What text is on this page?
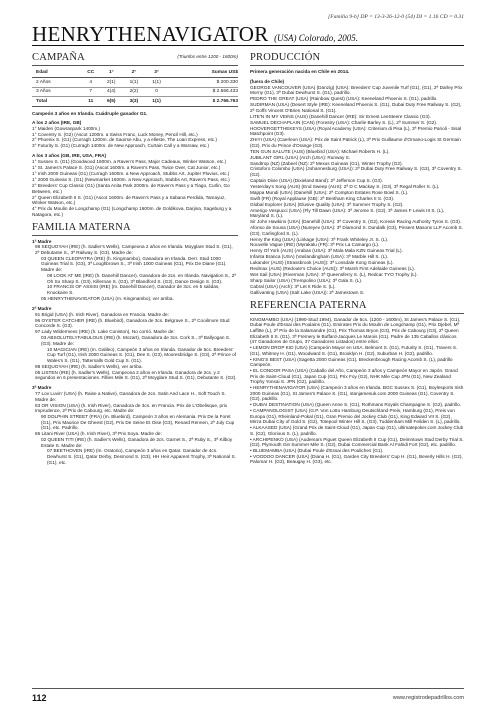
[Familia 9-b] DP = 13-3-26-12-0 (54) DI = 1.16 CD = 0.31
HENRYTHENAVIGATOR (USA) Colorado, 2005.
CAMPAÑA	(Triunfos entre 1200 - 1600m)
Edad	CC	1°	2°	3°	Sumas US$
2 Años	4	2(1)	1(1)	1(1)	$ 200.330
3 Años	7	4(4)	2(2)	0	$ 2.566.433
Total	11	6(5)	3(3)	1(1)	$ 2.766.763

Campeón 3 años en Irlanda. Cuádruple ganador G1.

A los 2 años (IRE, GB)

1° Maiden (Gowranpark 1400m.)

1° Coventry S. (G2) (Ascot 1200m. a Swiss Franc, Luck Money, Pencil Hill, etc.)

2° Phoenix S. (G1) (Curragh 1200m. de Saoirse Abu, y a elleste, The Loan Express, etc.)

3° Futurity S. (G1) (Curragh 1400m. de New Approach, Curtain Call y a Warsaw, etc.)

A los 3 años (GB, IRE, USA, FRA)

1° Sussex S. (G1) (Goodwood 1600m. a Raven's Pass, Major Cadeaux, Winker Watson, etc.)

1° St. James's Palace S. (G1) (Ascot 1600m. a Raven's Pass, Twice Over, Cat Junior, etc.)

1° Irish 2000 Guineas (G1) (Curragh 1600m. a New Approach, Stubbs Art, Jupiter Pluvius, etc.)

1° 2000 Guineas S. (G1) (Newmarket 1600m. a New Approach, Stubbs Art, Raven's Pass, etc.)

2° Breeders' Cup Classic (G1) (Santa Anita Park 2000m. de Raven's Pass y a Tiago, Curlin, Go Between, etc.)

2° Queen Elizabeth II S. (G1) (Ascot 1600m. de Raven's Pass y a Sabana Perdida, Tamayuz, Winker Watson, etc.)

4° Prix du Moulin de Longchamp (G1) (Longchamp 1600m. de Goldikova, Darjina, Sageburg y a Natagora, etc.)

FAMILIA MATERNA

1ª Madre

98 SEQUOYAH (IRE) (h. Sadler's Wells), Campeona 2 años en Irlanda. Moyglare Stud S. (G1), 2ª Debutante S., 3ª Railway S. (G3). Madre de:

03 QUEEN CLEOPATRA (IRE) (h. Kingmambo), Ganadora en Irlanda. Derr. Stud 1000 Guineas Trial S. (G3), 3ª Loughbrown S., 3ª Irish 1000 Guineas (G1), Prix De Diane (G1). Madre de:

08 LOOK AT ME (IRE) (h. Danehill Dancer), Ganadora de 2cs. en Irlanda. Navigation S., 2ª Oh So Sharp S. (G3), Killernan S. (G3), 3ª Blandford S. (G2), Dance Design S. (G3).

10 FRANCIS OF ASSISI (IRE) (m. Danehill Dancer), Ganador de 3cs. en 5 salidas, Knockaire S.

05 HENRYTHENAVIGATOR (USA) (m. Kingmambo), ver arriba.

2ª Madre

91 Brigid (USA) (h. Irish River), Ganadora en Francia. Madre de:

96 OYSTER CATCHER (IRE) (h. Bluebird), Ganadora de 3cs. Belgrave S., 2ª Cooilmore Stud Concorde S. (G3).

97 Lady Wildermess (IRE) (h. Lake Coniston), No corrió. Madre de:

03 ABSOLUTELYFABULOUS (IRE) (h. Mozart), Ganadora de 3cs. Cork S., 3ª Ballyogan S. (G3). Madre de:

10 MAGICIAN (IRE) (m. Galileo), Campeón 3 años en Irlanda. Ganador de 5cs. Breeders' Cup Turf (G1), Irish 2000 Guineas S. (G1), Dee S. (G3), Mooresbridge S. (G3), 2ª Prince of Wales's S. (G1), Tattersalls Gold Cup S. (G1).

98 SEQUOYAH (IRE) (h. Sadler's Wells), ver arriba.

05 LISTEN (IRE) (h. Sadler's Wells), Campeona 2 años en Irlanda. Ganadora de 2cs. y 2 segundos en 6 presentaciones. Fillies Mile S. (G1), 2ª Moyglare Stud S. (G1), Debutante S. (G2).

3ª Madre

77 Lov Luvin' (USA) (h. Raise a Native), Ganadora de 2cs. Satin And Lace H., Soft Touch S. Madre de:

83 OR VISION (USA) (h. Irish River), Ganadora de 3cs. en Francia. Prix de L'Obelisque, prix Imprudence, 2ª Prix de Cabourg, etc. Madre de:

90 DOLPHIN STREET (FRA) (m. Bluebird), Campeón 3 años en Alemania. Prix De la Foret (G1), Prix Maurice De Gheest (G2), Prix De Seine Et Oise (G3), Renard Rennen, 2ª July Cup (G1), etc. Padrillo.

86 Litani River (USA) (h. Irish River), 3ª Prix Soya. Madre de:

02 QUEEN TITI (IRE) (h. Sadler's Wells), Ganadora de 2cs. Garnet S., 2ª Ruby S., 3ª Kilboy Estate S. Madre de:

07 BEETHOVEN (IRE) (m. Oratorio), Campeón 3 años en Qatar. Ganador de 4cs. Dewhurst S. (G1), Qatar Derby, Desmond S. (G3), HH Heir Apparent Trophy, 3ª National S. (G1), etc.

PRODUCCIÓN

Primera generación nacida en Chile en 2014.

(fuera de Chile)

GEORGE VANCOUVER (USA) (Danzig) (USA): Breeders' Cup Juvenile Turf (G1), (G1), 2ª Darley Prix Morny (G1), 3ª Dubai Dewhurst S. (G1), padrillo.

PEDRO THE GREAT (USA) (Rainbow Quest) (USA): Keeneland Phoenix S. (G1), padrillo.

SUDIRMAN (USA) (Desert Style (IRE): Keeneland Phoenix S. (G1), Dubai Duty Free Railway S. (G2), 2ª Goffs Vincent O'Brien National S. (G1).

LITE'N IN MY VEINS (AUS) (Danehill Dancer (IRE): Sir Ernest LeeSteere Classic (G3).

SAMUEL DECHAPLAIN (CAN) (Forestry (USA): Charlie Barley S. (L), 2ª Summer S. (G2).

HOOVERGETTHEKEYS (USA) (Royal Academy (USA): Criterium di Pisa (L), 3ª Premio Parioli - Sisal Matchpoint (G3).

ZHIYI (USA) (Caerleon (USA): Prix de Saint Patrick (L), 3ª Prix Guillaume d'Ornano-Logis St Germain (G2), Prix du Prince d'Orange (G3).

TEN GUN SALUTE (AUS) (Bluebird (USA): Michael Roberts H. (L).

JUBILANT GIRL (USA) (Arch (USA): Runway S.

Sandtrop (NZ) (Zabeel (NZ): 2ª Mexus Guineas (G1), Winter Trophy (G2).

Cristoforo Colombo (USA) (Johannesburg (USA)): 2ª Dubai Duty Free Railway S. (G2), 3ª Coventry S. (G2).

Captain Dixie (USA) (Dixieland Band): 2ª Jefferson Cup S. (G3).

Yesterday's Song (AUS) (End Sweep (AUS): 2ª D C Mackay S. (G3), 3ª Regal Roller S. (L).

Mappa Mundi (USA) (Danehill (USA): 2ª Compton Estates Rose Bowl S. (L).

Swift (FR) (Royal Applause (GB): 2ª Bentham King Charles II S. (G3).

Global Explorer (USA) (Elusive Quality (USA): 3ª Summer Trophy S. (G2).

Amerigo Vespucci (USA) (Fly Till Dawn (USA): 3ª Jerome S. (G2), 3ª James F Lewis III S. (L), Maryland S. (L).

Sir John Hawkins (USA) (Danehill (USA): 3ª Coventry S. (G2), Korean Racing Authority Tyros S. (G3).

Afonso de Sousa (USA) (Nureyev (USA): 3ª Diamond S. Dundalk (G3), Pinsent Masons LLP Acomb S. (G3), Carlingford S. (L).

Henry the King (USA) (Linkage (USA): 3ª Frank Whiteley Jr. S. (L).

Nouvelle Vague (IRE) (Myrakalu (FR): 3ª Prix La Camargo (L).

Henry Of York (AUS) (Arabas (USA): 3ª Mala Mala KZN Guineas Trial (L).

Infanta Branca (USA) (Vanlandingham (USA): 3ª Marble Hill S. (L).

Lukander (AUS) (Strassbrook (AUS)): 3ª Lonsdale Kong Guineas (L).

Redmax (AUS) (Redoute's Choice (AUS)): 3ª Marsh First Adelaide Guineas (L).

Wet Sail (USA) (Riverman (USA): 3ª Queensferry S. (L), Redcar TYO Trophy (L).

Sharp Sailor (USA) (Trempolino (USA): 3ª Gala S. (L).

Cabral (USA) (Arch): 3ª Let It Ride S. (L).

Gallivanting (USA) (Salt Lake (USA)): 2ª Jamestown S.

REFERENCIA PATERNA

KINGMAMBO (USA) (1990-Stud 1994), Ganador de 5cs. (1200 - 1600m), St James's Palace S. (G1), Dubai Poule d'Essai des Poulains (G1), Emirates Prix du Moulin de Longchamp (G1), Prix Djebel, Mª Laffitte (L), 2ª Prix de la Salamandre (G1), Prix Thomas Bryon (G3), Prix de Cabourg (G3), 2ª Queen Elizabeth II S. (G1), 3ª Fremery le Buffard-Jacques Le Marois (G1). Padre de 135 Caballos clásicos (47 Ganadores de Grupo, 37 Ganadores Listados) entre ellos:

• LEMON DROP KID (USA) (Campeón Mayor en USA. Belmont S. (G1), Futurity S. (G1), Travers S. (G1), Whitney H. (G1), Woodward S. (G1), Brooklyn H. (G2), Suburban H. (G2), padrillo.

• KING'S BEST (USA) (Sagetta 2000 Guineas (G1), Breckenbrough Racing Acomb S. (L), padrillo Campeón.

• EL CONDOR PASA (USA) (Caballo del Año, Campeón 3 años y Campeón Mayor en Japón. Grand Prix de Saint-Cloud (G1), Japan Cup (G1), Prix Foy (G2), NHK Mile Cup JPN (G1), New Zealand Trophy Yonsai S. JPN (G2), padrillo.

• HENRYTHENAVIGATOR (USA) (Campeón 3 años en Irlanda. BGC Sussex S. (G1), Boylesports Irish 2000 Guineas (G1), St James's Palace S. (G1), stanjamesuk.com 2000 Guineas (G1), Coventry S. (G2), padrillo.

• DUBAI DESTINATION (USA) (Queen Anne S. (G1), Rothmans Royals Champagne S. (G2), padrillo.

• CAMPANOLOGIST (USA) (G.P. Von Lotto Hamburg Deutschland Preis, Hamburg (G1), Preis von Europa (G1), Rheinland-Pokal (G1), Gran Premio del Jockey Club (G1), King Edward VII S. (G2), Mirza Dubai City of Gold S. (G2), Totepool Winter Hill S. (G3), Tuddenham Mill Feilden S. (L), padrillo.

• ALKAASED (USA) (Grand Prix de Saint-Cloud (G1), Japan Cup (G1), ultimatepoker.com Jockey Club S. (G2), Glorious S. (L), padrillo.

• ARCHIPENKO (USA) (Audemars Piguet Queen Elizabeth II Cup (G1), Deimntown Stud Derby Trial S. (G2), Plymouth Gin Summer Mile S. (G2), Dubai Commercial Bank Al Fahidi Fort (G2), etc. padrillo.

• BLUEMAMBA (USA) (Dubai Poule d'Essai des Pouliches (G1).

• VOODOO DANCER (USA) (Diana H. (G1), Garden City Breeders' Cup H. (G1), Beverly Hills H. (G2), Palomar H. (G2), Beaugay H. (G3), etc.

112	www.registrodepadrillos.com
